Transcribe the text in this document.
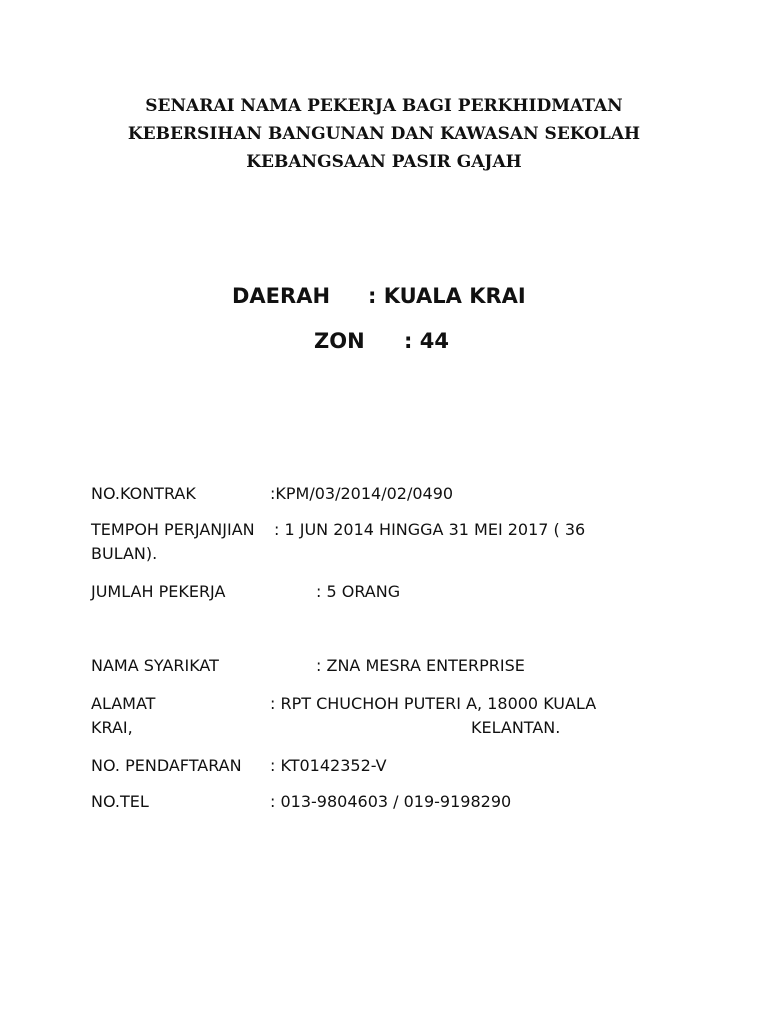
SENARAI NAMA PEKERJA BAGI PERKHIDMATAN
KEBERSIHAN BANGUNAN DAN KAWASAN SEKOLAH
KEBANGSAAN PASIR GAJAH
DAERAH : KUALA KRAI
ZON : 44
NO.KONTRAK	:KPM/03/2014/02/0490
TEMPOH PERJANJIAN : 1 JUN 2014 HINGGA 31 MEI 2017 ( 36
BULAN).
JUMLAH PEKERJA	: 5 ORANG
NAMA SYARIKAT	: ZNA MESRA ENTERPRISE
ALAMAT	: RPT CHUCHOH PUTERI A, 18000 KUALA
KRAI,	KELANTAN.
NO. PENDAFTARAN : KT0142352-V
NO.TEL	: 013-9804603 / 019-9198290
